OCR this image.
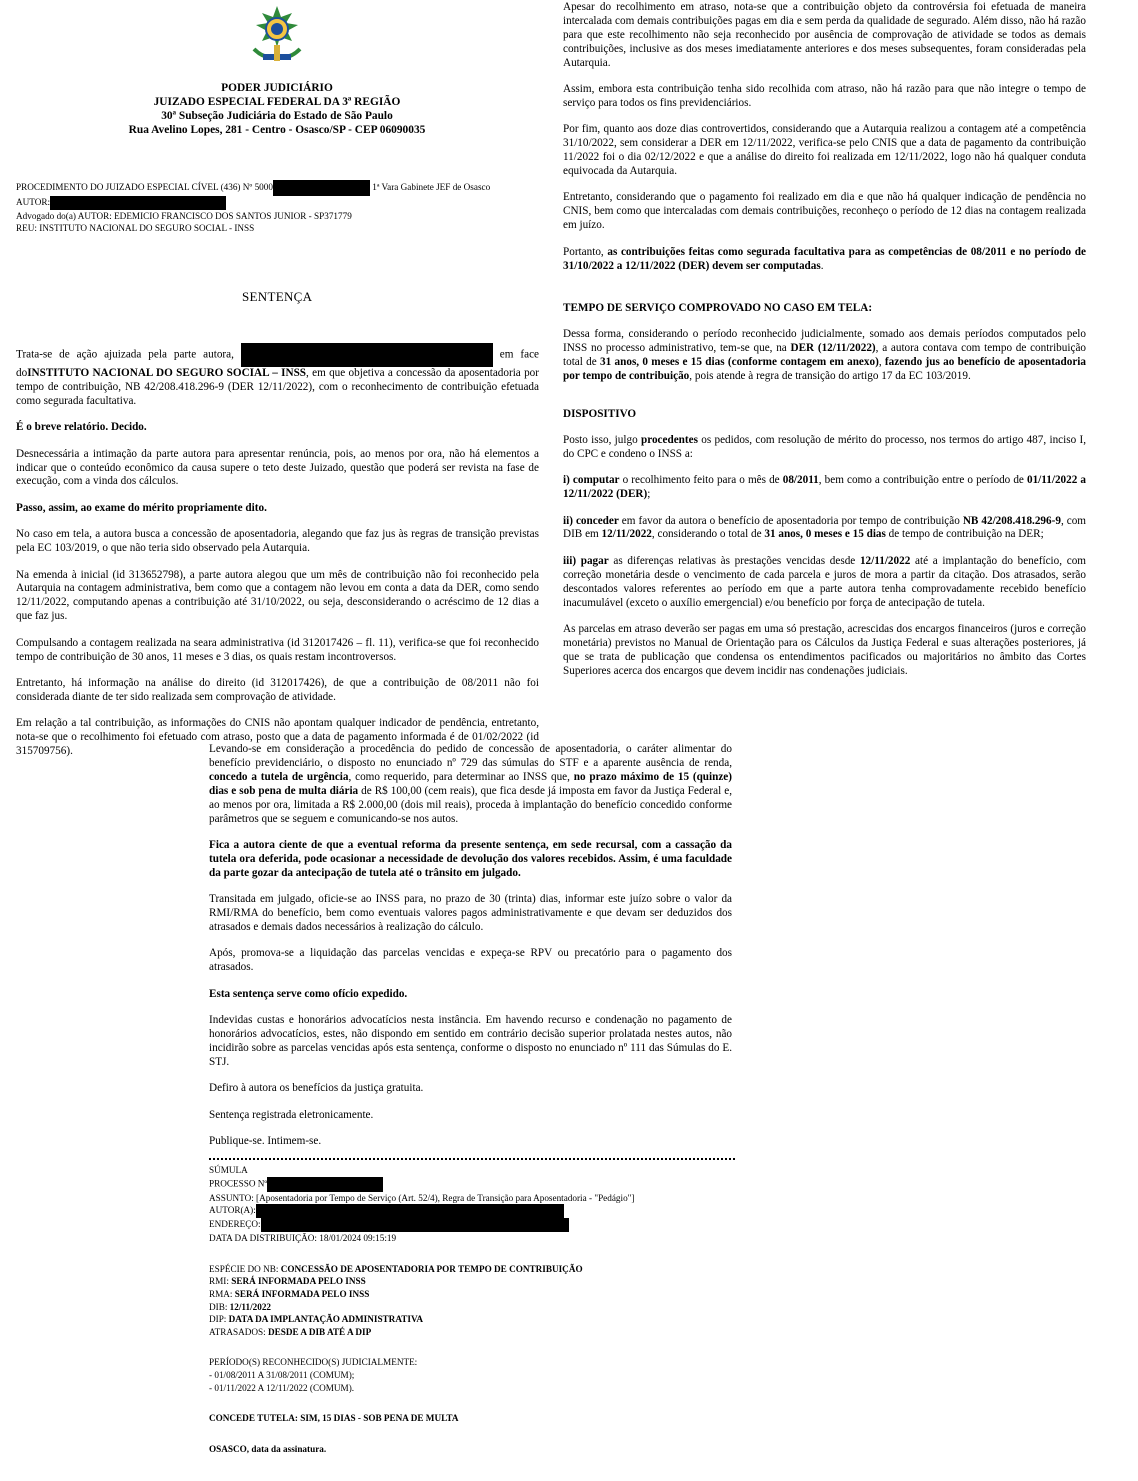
PODER JUDICIÁRIO
JUIZADO ESPECIAL FEDERAL DA 3ª REGIÃO
30ª Subseção Judiciária do Estado de São Paulo
Rua Avelino Lopes, 281 - Centro - Osasco/SP - CEP 06090035
PROCEDIMENTO DO JUIZADO ESPECIAL CÍVEL (436) Nº 5000	1ª Vara Gabinete JEF de Osasco
AUTOR:
Advogado do(a) AUTOR: EDEMICIO FRANCISCO DOS SANTOS JUNIOR - SP371779
REU: INSTITUTO NACIONAL DO SEGURO SOCIAL - INSS
SENTENÇA

Trata-se de ação ajuizada pela parte autora,	em face doINSTITUTO NACIONAL DO SEGURO SOCIAL – INSS, em que objetiva a concessão da aposentadoria por tempo de contribuição, NB 42/208.418.296-9 (DER 12/11/2022), com o reconhecimento de contribuição efetuada como segurada facultativa.

É o breve relatório. Decido.

Desnecessária a intimação da parte autora para apresentar renúncia, pois, ao menos por ora, não há elementos a indicar que o conteúdo econômico da causa supere o teto deste Juizado, questão que poderá ser revista na fase de execução, com a vinda dos cálculos.

Passo, assim, ao exame do mérito propriamente dito.

No caso em tela, a autora busca a concessão de aposentadoria, alegando que faz jus às regras de transição previstas pela EC 103/2019, o que não teria sido observado pela Autarquia.

Na emenda à inicial (id 313652798), a parte autora alegou que um mês de contribuição não foi reconhecido pela Autarquia na contagem administrativa, bem como que a contagem não levou em conta a data da DER, como sendo 12/11/2022, computando apenas a contribuição até 31/10/2022, ou seja, desconsiderando o acréscimo de 12 dias a que faz jus.

Compulsando a contagem realizada na seara administrativa (id 312017426 – fl. 11), verifica-se que foi reconhecido tempo de contribuição de 30 anos, 11 meses e 3 dias, os quais restam incontroversos.

Entretanto, há informação na análise do direito (id 312017426), de que a contribuição de 08/2011 não foi considerada diante de ter sido realizada sem comprovação de atividade.

Em relação a tal contribuição, as informações do CNIS não apontam qualquer indicador de pendência, entretanto, nota-se que o recolhimento foi efetuado com atraso, posto que a data de pagamento informada é de 01/02/2022 (id 315709756).

Apesar do recolhimento em atraso, nota-se que a contribuição objeto da controvérsia foi efetuada de maneira intercalada com demais contribuições pagas em dia e sem perda da qualidade de segurado. Além disso, não há razão para que este recolhimento não seja reconhecido por ausência de comprovação de atividade se todos as demais contribuições, inclusive as dos meses imediatamente anteriores e dos meses subsequentes, foram consideradas pela Autarquia.

Assim, embora esta contribuição tenha sido recolhida com atraso, não há razão para que não integre o tempo de serviço para todos os fins previdenciários.

Por fim, quanto aos doze dias controvertidos, considerando que a Autarquia realizou a contagem até a competência 31/10/2022, sem considerar a DER em 12/11/2022, verifica-se pelo CNIS que a data de pagamento da contribuição 11/2022 foi o dia 02/12/2022 e que a análise do direito foi realizada em 12/11/2022, logo não há qualquer conduta equivocada da Autarquia.

Entretanto, considerando que o pagamento foi realizado em dia e que não há qualquer indicação de pendência no CNIS, bem como que intercaladas com demais contribuições, reconheço o período de 12 dias na contagem realizada em juízo.

Portanto, as contribuições feitas como segurada facultativa para as competências de 08/2011 e no período de 31/10/2022 a 12/11/2022 (DER) devem ser computadas.

TEMPO DE SERVIÇO COMPROVADO NO CASO EM TELA:

Dessa forma, considerando o período reconhecido judicialmente, somado aos demais períodos computados pelo INSS no processo administrativo, tem-se que, na DER (12/11/2022), a autora contava com tempo de contribuição total de 31 anos, 0 meses e 15 dias (conforme contagem em anexo), fazendo jus ao benefício de aposentadoria por tempo de contribuição, pois atende à regra de transição do artigo 17 da EC 103/2019.

DISPOSITIVO

Posto isso, julgo procedentes os pedidos, com resolução de mérito do processo, nos termos do artigo 487, inciso I, do CPC e condeno o INSS a:

i) computar o recolhimento feito para o mês de 08/2011, bem como a contribuição entre o período de 01/11/2022 a 12/11/2022 (DER);

ii) conceder em favor da autora o benefício de aposentadoria por tempo de contribuição NB 42/208.418.296-9, com DIB em 12/11/2022, considerando o total de 31 anos, 0 meses e 15 dias de tempo de contribuição na DER;

iii) pagar as diferenças relativas às prestações vencidas desde 12/11/2022 até a implantação do benefício, com correção monetária desde o vencimento de cada parcela e juros de mora a partir da citação. Dos atrasados, serão descontados valores referentes ao período em que a parte autora tenha comprovadamente recebido benefício inacumulável (exceto o auxílio emergencial) e/ou benefício por força de antecipação de tutela.

As parcelas em atraso deverão ser pagas em uma só prestação, acrescidas dos encargos financeiros (juros e correção monetária) previstos no Manual de Orientação para os Cálculos da Justiça Federal e suas alterações posteriores, já que se trata de publicação que condensa os entendimentos pacificados ou majoritários no âmbito das Cortes Superiores acerca dos encargos que devem incidir nas condenações judiciais.

Levando-se em consideração a procedência do pedido de concessão de aposentadoria, o caráter alimentar do benefício previdenciário, o disposto no enunciado nº 729 das súmulas do STF e a aparente ausência de renda, concedo a tutela de urgência, como requerido, para determinar ao INSS que, no prazo máximo de 15 (quinze) dias e sob pena de multa diária de R$ 100,00 (cem reais), que fica desde já imposta em favor da Justiça Federal e, ao menos por ora, limitada a R$ 2.000,00 (dois mil reais), proceda à implantação do benefício concedido conforme parâmetros que se seguem e comunicando-se nos autos.

Fica a autora ciente de que a eventual reforma da presente sentença, em sede recursal, com a cassação da tutela ora deferida, pode ocasionar a necessidade de devolução dos valores recebidos. Assim, é uma faculdade da parte gozar da antecipação de tutela até o trânsito em julgado.

Transitada em julgado, oficie-se ao INSS para, no prazo de 30 (trinta) dias, informar este juízo sobre o valor da RMI/RMA do benefício, bem como eventuais valores pagos administrativamente e que devam ser deduzidos dos atrasados e demais dados necessários à realização do cálculo.

Após, promova-se a liquidação das parcelas vencidas e expeça-se RPV ou precatório para o pagamento dos atrasados.

Esta sentença serve como ofício expedido.

Indevidas custas e honorários advocatícios nesta instância. Em havendo recurso e condenação no pagamento de honorários advocatícios, estes, não dispondo em sentido em contrário decisão superior prolatada nestes autos, não incidirão sobre as parcelas vencidas após esta sentença, conforme o disposto no enunciado nº 111 das Súmulas do E. STJ.

Defiro à autora os benefícios da justiça gratuita.

Sentença registrada eletronicamente.

Publique-se. Intimem-se.

SÚMULA
PROCESSO Nº
ASSUNTO: [Aposentadoria por Tempo de Serviço (Art. 52/4), Regra de Transição para Aposentadoria - "Pedágio"]
AUTOR(A):
ENDEREÇO:
DATA DA DISTRIBUIÇÃO: 18/01/2024 09:15:19
ESPÉCIE DO NB: CONCESSÃO DE APOSENTADORIA POR TEMPO DE CONTRIBUIÇÃO
RMI: SERÁ INFORMADA PELO INSS
RMA: SERÁ INFORMADA PELO INSS
DIB: 12/11/2022
DIP: DATA DA IMPLANTAÇÃO ADMINISTRATIVA
ATRASADOS: DESDE A DIB ATÉ A DIP
PERÍODO(S) RECONHECIDO(S) JUDICIALMENTE:
- 01/08/2011 A 31/08/2011 (COMUM);
- 01/11/2022 A 12/11/2022 (COMUM).
CONCEDE TUTELA: SIM, 15 DIAS - SOB PENA DE MULTA
OSASCO, data da assinatura.
